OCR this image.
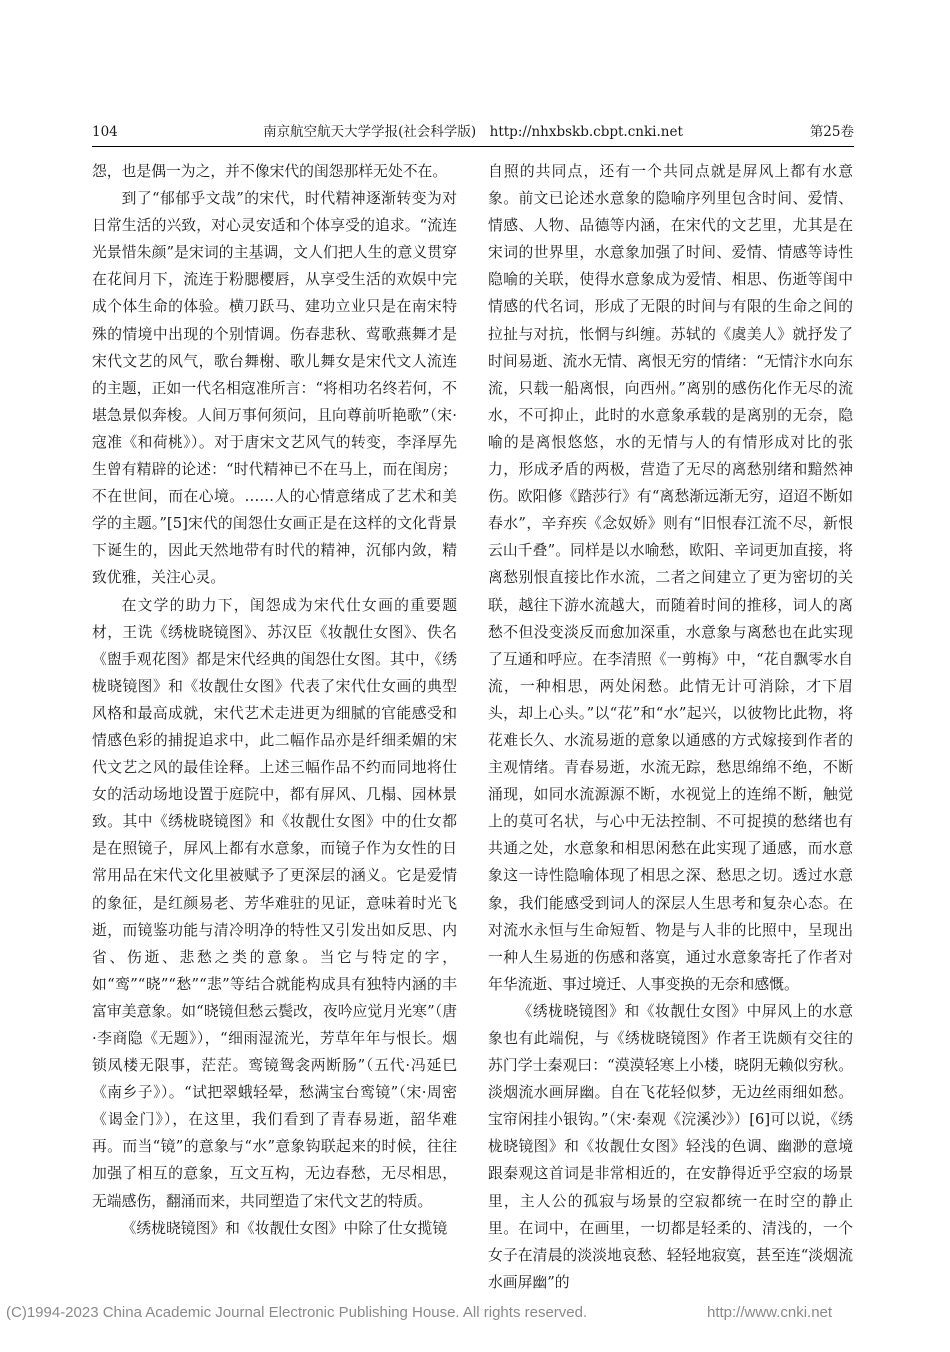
104	南京航空航天大学学报(社会科学版)　http://nhxbskb.cbpt.cnki.net	第25卷

怨，也是偶一为之，并不像宋代的闺怨那样无处不在。

到了“郁郁乎文哉”的宋代，时代精神逐渐转变为对日常生活的兴致，对心灵安适和个体享受的追求。“流连光景惜朱颜”是宋词的主基调，文人们把人生的意义贯穿在花间月下，流连于粉腮樱唇，从享受生活的欢娱中完成个体生命的体验。横刀跃马、建功立业只是在南宋特殊的情境中出现的个别情调。伤春悲秋、莺歌燕舞才是宋代文艺的风气，歌台舞榭、歌儿舞女是宋代文人流连的主题，正如一代名相寇准所言：“将相功名终若何，不堪急景似奔梭。人间万事何须问，且向尊前听艳歌”（宋·寇准《和荷桃》）。对于唐宋文艺风气的转变，李泽厚先生曾有精辟的论述：“时代精神已不在马上，而在闺房；不在世间，而在心境。……人的心情意绪成了艺术和美学的主题。”[5]宋代的闺怨仕女画正是在这样的文化背景下诞生的，因此天然地带有时代的精神，沉郁内敛，精致优雅，关注心灵。

在文学的助力下，闺怨成为宋代仕女画的重要题材，王诜《绣栊晓镜图》、苏汉臣《妆靓仕女图》、佚名《盥手观花图》都是宋代经典的闺怨仕女图。其中，《绣栊晓镜图》和《妆靓仕女图》代表了宋代仕女画的典型风格和最高成就，宋代艺术走进更为细腻的官能感受和情感色彩的捕捉追求中，此二幅作品亦是纤细柔媚的宋代文艺之风的最佳诠释。上述三幅作品不约而同地将仕女的活动场地设置于庭院中，都有屏风、几榻、园林景致。其中《绣栊晓镜图》和《妆靓仕女图》中的仕女都是在照镜子，屏风上都有水意象，而镜子作为女性的日常用品在宋代文化里被赋予了更深层的涵义。它是爱情的象征，是红颜易老、芳华难驻的见证，意味着时光飞逝，而镜鉴功能与清冷明净的特性又引发出如反思、内省、伤逝、悲愁之类的意象。当它与特定的字，如“鸾”“晓”“愁”“悲”等结合就能构成具有独特内涵的丰富审美意象。如“晓镜但愁云鬓改，夜吟应觉月光寒”（唐·李商隐《无题》），“细雨湿流光，芳草年年与恨长。烟锁凤楼无限事，茫茫。鸾镜鸳衾两断肠”（五代·冯延巳《南乡子》）。“试把翠蛾轻晕，愁满宝台鸾镜”（宋·周密《谒金门》），在这里，我们看到了青春易逝，韶华难再。而当“镜”的意象与“水”意象钩联起来的时候，往往加强了相互的意象，互文互构，无边春愁，无尽相思，无端感伤，翻涌而来，共同塑造了宋代文艺的特质。

《绣栊晓镜图》和《妆靓仕女图》中除了仕女揽镜

自照的共同点，还有一个共同点就是屏风上都有水意象。前文已论述水意象的隐喻序列里包含时间、爱情、情感、人物、品德等内涵，在宋代的文艺里，尤其是在宋词的世界里，水意象加强了时间、爱情、情感等诗性隐喻的关联，使得水意象成为爱情、相思、伤逝等闺中情感的代名词，形成了无限的时间与有限的生命之间的拉扯与对抗，怅惘与纠缠。苏轼的《虞美人》就抒发了时间易逝、流水无情、离恨无穷的情绪：“无情汴水向东流，只载一船离恨，向西州。”离别的感伤化作无尽的流水，不可抑止，此时的水意象承载的是离别的无奈，隐喻的是离恨悠悠，水的无情与人的有情形成对比的张力，形成矛盾的两极，营造了无尽的离愁别绪和黯然神伤。欧阳修《踏莎行》有“离愁渐远渐无穷，迢迢不断如春水”，辛弃疾《念奴娇》则有“旧恨春江流不尽，新恨云山千叠”。同样是以水喻愁，欧阳、辛词更加直接，将离愁别恨直接比作水流，二者之间建立了更为密切的关联，越往下游水流越大，而随着时间的推移，词人的离愁不但没变淡反而愈加深重，水意象与离愁也在此实现了互通和呼应。在李清照《一剪梅》中，“花自飘零水自流，一种相思，两处闲愁。此情无计可消除，才下眉头，却上心头。”以“花”和“水”起兴，以彼物比此物，将花难长久、水流易逝的意象以通感的方式嫁接到作者的主观情绪。青春易逝，水流无踪，愁思绵绵不绝，不断涌现，如同水流源源不断，水视觉上的连绵不断，触觉上的莫可名状，与心中无法控制、不可捉摸的愁绪也有共通之处，水意象和相思闲愁在此实现了通感，而水意象这一诗性隐喻体现了相思之深、愁思之切。透过水意象，我们能感受到词人的深层人生思考和复杂心态。在对流水永恒与生命短暂、物是与人非的比照中，呈现出一种人生易逝的伤感和落寞，通过水意象寄托了作者对年华流逝、事过境迁、人事变换的无奈和感慨。

《绣栊晓镜图》和《妆靓仕女图》中屏风上的水意象也有此端倪，与《绣栊晓镜图》作者王诜颇有交往的苏门学士秦观曰：“漠漠轻寒上小楼，晓阴无赖似穷秋。淡烟流水画屏幽。自在飞花轻似梦，无边丝雨细如愁。宝帘闲挂小银钩。”（宋·秦观《浣溪沙》）[6]可以说，《绣栊晓镜图》和《妆靓仕女图》轻浅的色调、幽渺的意境跟秦观这首词是非常相近的，在安静得近乎空寂的场景里，主人公的孤寂与场景的空寂都统一在时空的静止里。在词中，在画里，一切都是轻柔的、清浅的，一个女子在清晨的淡淡地哀愁、轻轻地寂寞，甚至连“淡烟流水画屏幽”的

(C)1994-2023 China Academic Journal Electronic Publishing House. All rights reserved.	http://www.cnki.net
